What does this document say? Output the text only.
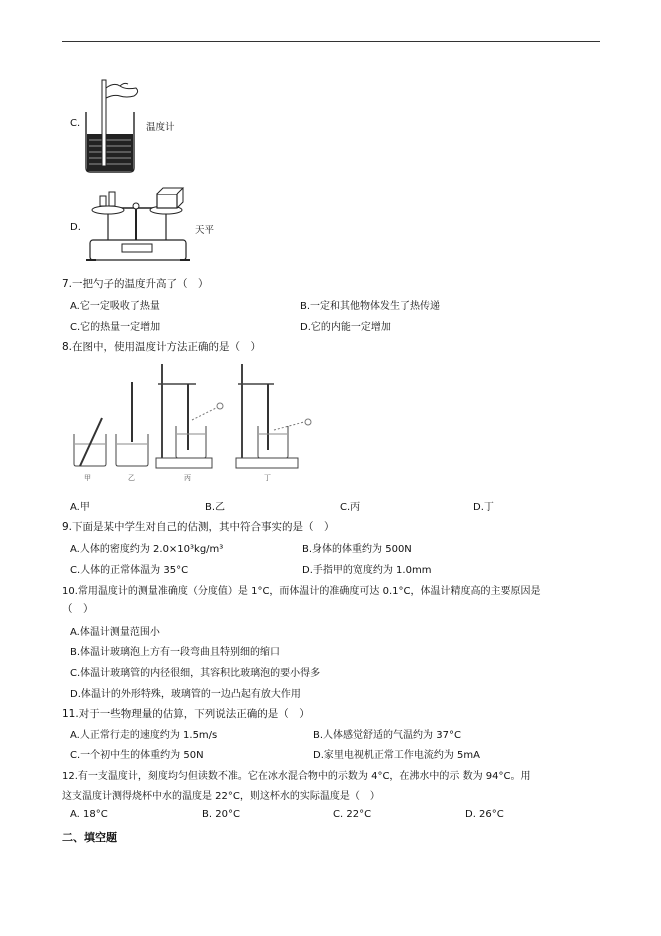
C.	温度计
D.	天平
7.一把勺子的温度升高了（　）
A.它一定吸收了热量	B.一定和其他物体发生了热传递
C.它的热量一定增加	D.它的内能一定增加
8.在图中，使用温度计方法正确的是（　）
甲	乙	丙	丁
A.甲	B.乙	C.丙	D.丁
9.下面是某中学生对自己的估测，其中符合事实的是（　）
A.人体的密度约为 2.0×10³kg/m³	B.身体的体重约为 500N
C.人体的正常体温为 35°C	D.手指甲的宽度约为 1.0mm
10.常用温度计的测量准确度（分度值）是 1°C，而体温计的准确度可达 0.1°C，体温计精度高的主要原因是
（　）
A.体温计测量范围小
B.体温计玻璃泡上方有一段弯曲且特别细的缩口
C.体温计玻璃管的内径很细，其容积比玻璃泡的要小得多
D.体温计的外形特殊，玻璃管的一边凸起有放大作用
11.对于一些物理量的估算，下列说法正确的是（　）
A.人正常行走的速度约为 1.5m/s	B.人体感觉舒适的气温约为 37°C
C.一个初中生的体重约为 50N	D.家里电视机正常工作电流约为 5mA
12.有一支温度计，刻度均匀但读数不准。它在冰水混合物中的示数为 4°C，在沸水中的示 数为 94°C。用
这支温度计测得烧杯中水的温度是 22°C，则这杯水的实际温度是（　）
A. 18°C	B. 20°C	C. 22°C	D. 26°C
二、填空题
